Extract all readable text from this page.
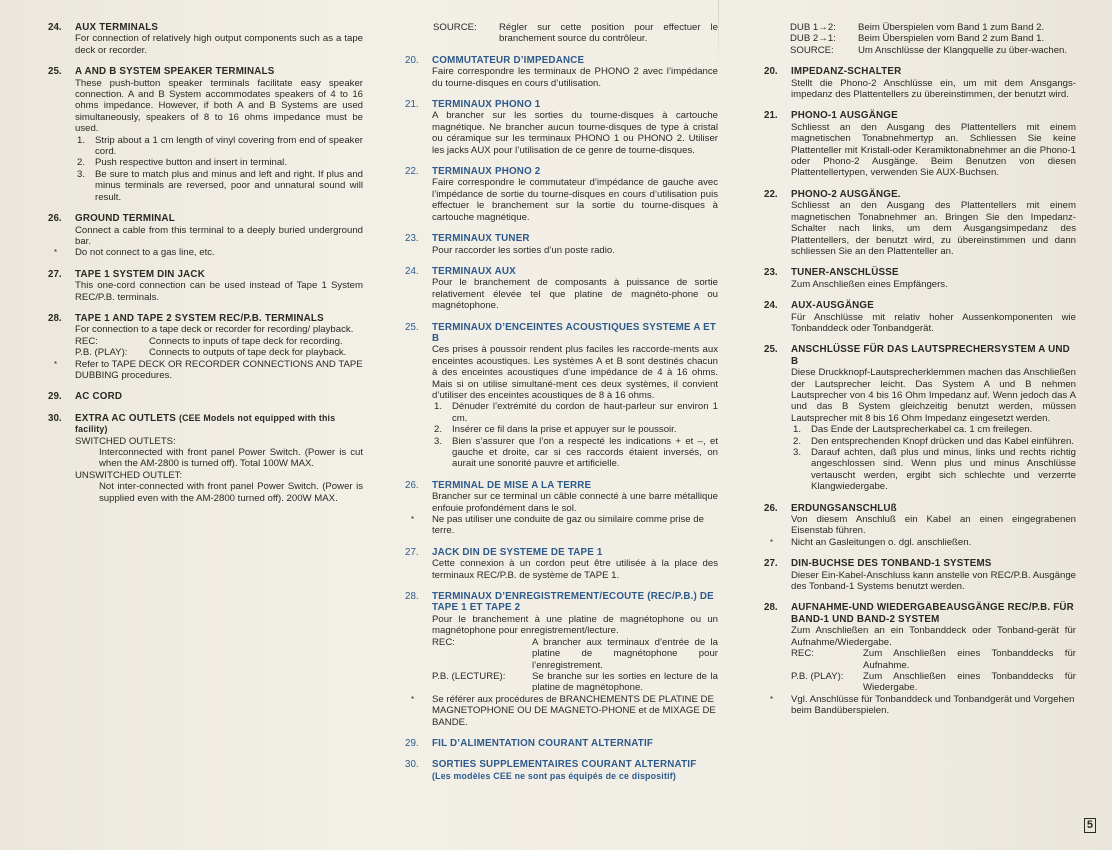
24. AUX TERMINALS
For connection of relatively high output components such as a tape deck or recorder.
25. A AND B SYSTEM SPEAKER TERMINALS
These push-button speaker terminals facilitate easy speaker connection. A and B System accommodates speakers of 4 to 16 ohms impedance. However, if both A and B Systems are used simultaneously, speakers of 8 to 16 ohms impedance must be used.
1. Strip about a 1 cm length of vinyl covering from end of speaker cord.
2. Push respective button and insert in terminal.
3. Be sure to match plus and minus and left and right. If plus and minus terminals are reversed, poor and unnatural sound will result.
26. GROUND TERMINAL
Connect a cable from this terminal to a deeply buried underground bar.
* Do not connect to a gas line, etc.
27. TAPE 1 SYSTEM DIN JACK
This one-cord connection can be used instead of Tape 1 System REC/P.B. terminals.
28. TAPE 1 AND TAPE 2 SYSTEM REC/P.B. TERMINALS
For connection to a tape deck or recorder for recording/ playback.
REC:	Connects to inputs of tape deck for recording.
P.B. (PLAY):	Connects to outputs of tape deck for playback.
* Refer to TAPE DECK OR RECORDER CONNECTIONS AND TAPE DUBBING procedures.
29. AC CORD
30. EXTRA AC OUTLETS (CEE Models not equipped with this facility)
SWITCHED OUTLETS:
Interconnected with front panel Power Switch. (Power is cut when the AM-2800 is turned off). Total 100W MAX.
UNSWITCHED OUTLET:
Not inter-connected with front panel Power Switch. (Power is supplied even with the AM-2800 turned off). 200W MAX.
SOURCE:	Régler sur cette position pour effectuer le branchement source du contrôleur.
20. COMMUTATEUR D’IMPEDANCE
Faire correspondre les terminaux de PHONO 2 avec l’impédance du tourne-disques en cours d’utilisation.
21. TERMINAUX PHONO 1
A brancher sur les sorties du tourne-disques à cartouche magnétique. Ne brancher aucun tourne-disques de type à cristal ou céramique sur les terminaux PHONO 1 ou PHONO 2. Utiliser les jacks AUX pour l’utilisation de ce genre de tourne-disques.
22. TERMINAUX PHONO 2
Faire correspondre le commutateur d’impédance de gauche avec l’impédance de sortie du tourne-disques en cours d’utilisation puis effectuer le branchement sur la sortie du tourne-disques à cartouche magnétique.
23. TERMINAUX TUNER
Pour raccorder les sorties d’un poste radio.
24. TERMINAUX AUX
Pour le branchement de composants à puissance de sortie relativement élevée tel que platine de magnéto-phone ou magnétophone.
25. TERMINAUX D’ENCEINTES ACOUSTIQUES SYSTEME A ET B
Ces prises à poussoir rendent plus faciles les raccorde-ments aux enceintes acoustiques. Les systèmes A et B sont destinés chacun à des enceintes acoustiques d’une impédance de 4 à 16 ohms. Mais si on utilise simultané-ment ces deux systèmes, il convient d’utiliser des enceintes acoustiques de 8 à 16 ohms.
1. Dénuder l’extrémité du cordon de haut-parleur sur environ 1 cm.
2. Insérer ce fil dans la prise et appuyer sur le poussoir.
3. Bien s’assurer que l’on a respecté les indications + et –, et gauche et droite, car si ces raccords étaient inversés, on aurait une sonorité pauvre et artificielle.
26. TERMINAL DE MISE A LA TERRE
Brancher sur ce terminal un câble connecté à une barre métallique enfouie profondément dans le sol.
* Ne pas utiliser une conduite de gaz ou similaire comme prise de terre.
27. JACK DIN DE SYSTEME DE TAPE 1
Cette connexion à un cordon peut être utilisée à la place des terminaux REC/P.B. de système de TAPE 1.
28. TERMINAUX D’ENREGISTREMENT/ECOUTE (REC/P.B.) DE TAPE 1 ET TAPE 2
Pour le branchement à une platine de magnétophone ou un magnétophone pour enregistrement/lecture.
REC:	A brancher aux terminaux d’entrée de la platine de magnétophone pour l’enregistrement.
P.B. (LECTURE):	Se branche sur les sorties en lecture de la platine de magnétophone.
* Se référer aux procédures de BRANCHEMENTS DE PLATINE DE MAGNETOPHONE OU DE MAGNETO-PHONE et de MIXAGE DE BANDE.
29. FIL D’ALIMENTATION COURANT ALTERNATIF
30. SORTIES SUPPLEMENTAIRES COURANT ALTERNATIF (Les modèles CEE ne sont pas équipés de ce dispositif)
DUB 1→2:	Beim Überspielen vom Band 1 zum Band 2.
DUB 2→1:	Beim Überspielen vom Band 2 zum Band 1.
SOURCE:	Um Anschlüsse der Klangquelle zu über-wachen.
20. IMPEDANZ-SCHALTER
Stellt die Phono-2 Anschlüsse ein, um mit dem Ansgangs-impedanz des Plattentellers zu übereinstimmen, der benutzt wird.
21. PHONO-1 AUSGÄNGE
Schliesst an den Ausgang des Plattentellers mit einem magnetischen Tonabnehmertyp an. Schliessen Sie keine Plattenteller mit Kristall-oder Keramiktonabnehmer an die Phono-1 oder Phono-2 Ausgänge. Beim Benutzen von diesen Plattentellertypen, verwenden Sie AUX-Buchsen.
22. PHONO-2 AUSGÄNGE.
Schliesst an den Ausgang des Plattentellers mit einem magnetischen Tonabnehmer an. Bringen Sie den Impedanz-Schalter nach links, um dem Ausgangsimpedanz des Plattentellers, der benutzt wird, zu übereinstimmen und dann schliessen Sie an den Plattenteller an.
23. TUNER-ANSCHLÜSSE
Zum Anschließen eines Empfängers.
24. AUX-AUSGÄNGE
Für Anschlüsse mit relativ hoher Aussenkomponenten wie Tonbanddeck oder Tonbandgerät.
25. ANSCHLÜSSE FÜR DAS LAUTSPRECHERSYSTEM A UND B
Diese Druckknopf-Lautsprecherklemmen machen das Anschließen der Lautsprecher leicht. Das System A und B nehmen Lautsprecher von 4 bis 16 Ohm Impedanz auf. Wenn jedoch das A und das B System gleichzeitig benutzt werden, müssen Lautsprecher mit 8 bis 16 Ohm Impedanz eingesetzt werden.
1. Das Ende der Lautsprecherkabel ca. 1 cm freilegen.
2. Den entsprechenden Knopf drücken und das Kabel einführen.
3. Darauf achten, daß plus und minus, links und rechts richtig angeschlossen sind. Wenn plus und minus Anschlüsse vertauscht werden, ergibt sich schlechte und verzerrte Klangwiedergabe.
26. ERDUNGSANSCHLUß
Von diesem Anschluß ein Kabel an einen eingegrabenen Eisenstab führen.
* Nicht an Gasleitungen o. dgl. anschließen.
27. DIN-BUCHSE DES TONBAND-1 SYSTEMS
Dieser Ein-Kabel-Anschluss kann anstelle von REC/P.B. Ausgänge des Tonband-1 Systems benutzt werden.
28. AUFNAHME-UND WIEDERGABEAUSGÄNGE REC/P.B. FÜR BAND-1 UND BAND-2 SYSTEM
Zum Anschließen an ein Tonbanddeck oder Tonband-gerät für Aufnahme/Wiedergabe.
REC:	Zum Anschließen eines Tonbanddecks für Aufnahme.
P.B. (PLAY):	Zum Anschließen eines Tonbanddecks für Wiedergabe.
* Vgl. Anschlüsse für Tonbanddeck und Tonbandgerät und Vorgehen beim Bandüberspielen.
5
